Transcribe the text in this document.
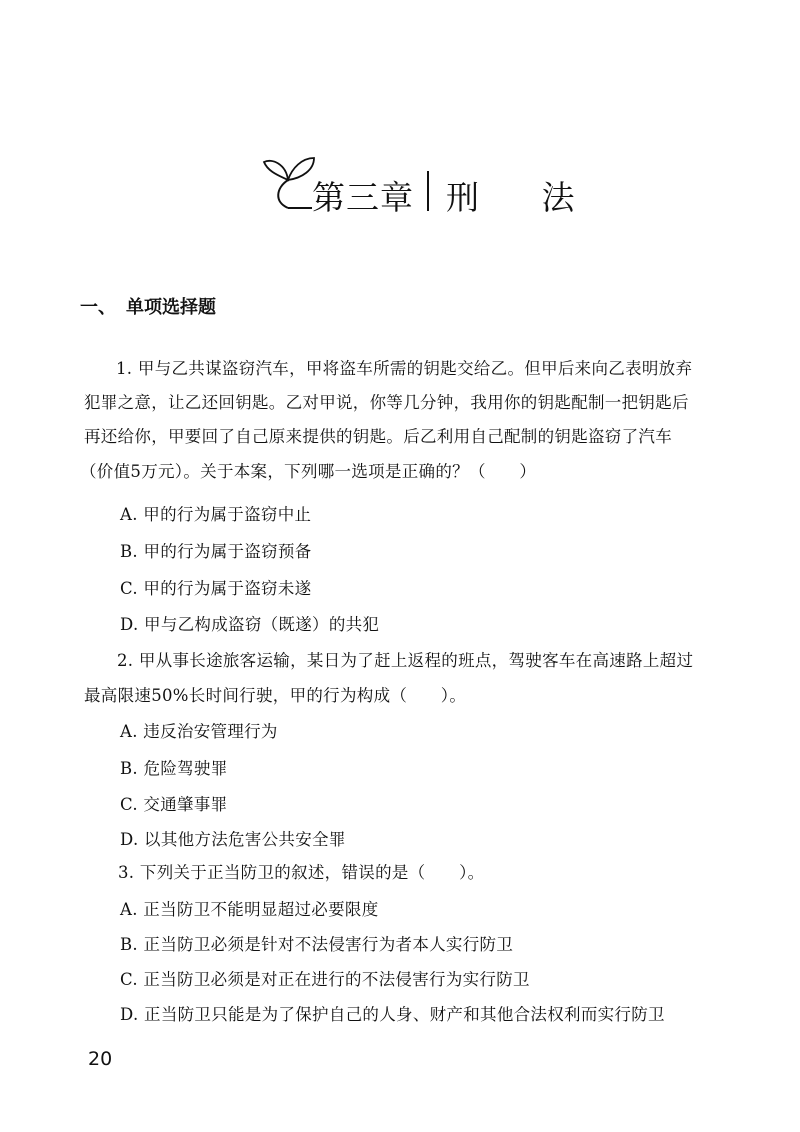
第三章 刑 法
一、 单项选择题
1. 甲与乙共谋盗窃汽车，甲将盗车所需的钥匙交给乙。但甲后来向乙表明放弃
犯罪之意，让乙还回钥匙。乙对甲说，你等几分钟，我用你的钥匙配制一把钥匙后
再还给你，甲要回了自己原来提供的钥匙。后乙利用自己配制的钥匙盗窃了汽车
（价值5万元）。关于本案，下列哪一选项是正确的？（　　）
A. 甲的行为属于盗窃中止
B. 甲的行为属于盗窃预备
C. 甲的行为属于盗窃未遂
D. 甲与乙构成盗窃（既遂）的共犯
2. 甲从事长途旅客运输，某日为了赶上返程的班点，驾驶客车在高速路上超过
最高限速50%长时间行驶，甲的行为构成（　　）。
A. 违反治安管理行为
B. 危险驾驶罪
C. 交通肇事罪
D. 以其他方法危害公共安全罪
3. 下列关于正当防卫的叙述，错误的是（　　）。
A. 正当防卫不能明显超过必要限度
B. 正当防卫必须是针对不法侵害行为者本人实行防卫
C. 正当防卫必须是对正在进行的不法侵害行为实行防卫
D. 正当防卫只能是为了保护自己的人身、财产和其他合法权利而实行防卫
20
